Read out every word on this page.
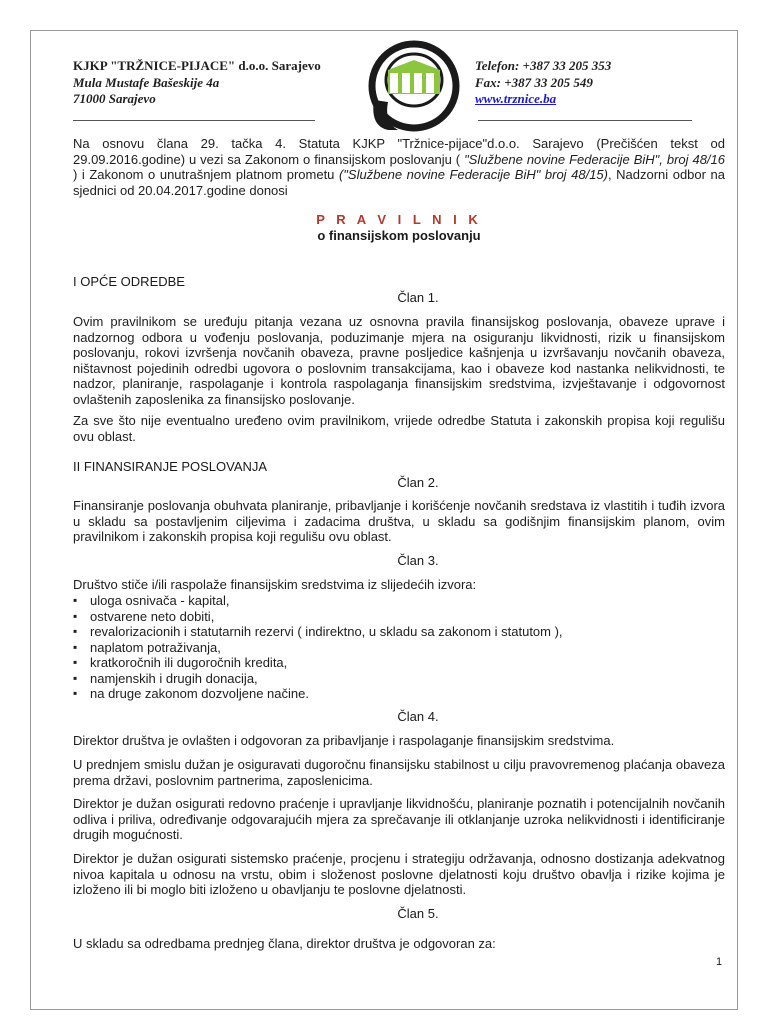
KJKP "TRŽNICE-PIJACE" d.o.o. Sarajevo
Mula Mustafe Bašeskije 4a
71000 Sarajevo
Telefon: +387 33 205 353
Fax: +387 33 205 549
www.trznice.ba
Na osnovu člana 29. tačka 4. Statuta KJKP "Tržnice-pijace"d.o.o. Sarajevo (Prečišćen tekst od 29.09.2016.godine) u vezi sa Zakonom o finansijskom poslovanju ( "Službene novine Federacije BiH", broj 48/16 ) i Zakonom o unutrašnjem platnom prometu ("Službene novine Federacije BiH" broj 48/15), Nadzorni odbor na sjednici od 20.04.2017.godine donosi
P R A V I L N I K
o finansijskom poslovanju
I OPĆE ODREDBE
Član 1.
Ovim pravilnikom se uređuju pitanja vezana uz osnovna pravila finansijskog poslovanja, obaveze uprave i nadzornog odbora u vođenju poslovanja, poduzimanje mjera na osiguranju likvidnosti, rizik u finansijskom poslovanju, rokovi izvršenja novčanih obaveza, pravne posljedice kašnjenja u izvršavanju novčanih obaveza, ništavnost pojedinih odredbi ugovora o poslovnim transakcijama, kao i obaveze kod nastanka nelikvidnosti, te nadzor, planiranje, raspolaganje i kontrola raspolaganja finansijskim sredstvima, izvještavanje i odgovornost ovlaštenih zaposlenika za finansijsko poslovanje.
Za sve što nije eventualno uređeno ovim pravilnikom, vrijede odredbe Statuta i zakonskih propisa koji regulišu ovu oblast.
II FINANSIRANJE POSLOVANJA
Član 2.
Finansiranje poslovanja obuhvata planiranje, pribavljanje i korišćenje novčanih sredstava iz vlastitih i tuđih izvora u skladu sa postavljenim ciljevima i zadacima društva, u skladu sa godišnjim finansijskim planom, ovim pravilnikom i zakonskih propisa koji regulišu ovu oblast.
Član 3.
Društvo stiče i/ili raspolaže finansijskim sredstvima iz slijedećih izvora:
▪ uloga osnivača - kapital,
▪ ostvarene neto dobiti,
▪ revalorizacionih i statutarnih rezervi ( indirektno, u skladu sa zakonom i statutom ),
▪ naplatom potraživanja,
▪ kratkoročnih ili dugoročnih kredita,
▪ namjenskih i drugih donacija,
▪ na druge zakonom dozvoljene načine.
Član 4.
Direktor društva je ovlašten i odgovoran za pribavljanje i raspolaganje finansijskim sredstvima.
U prednjem smislu dužan je osiguravati dugoročnu finansijsku stabilnost u cilju pravovremenog plaćanja obaveza prema državi, poslovnim partnerima, zaposlenicima.
Direktor je dužan osigurati redovno praćenje i upravljanje likvidnošću, planiranje poznatih i potencijalnih novčanih odliva i priliva, određivanje odgovarajućih mjera za sprečavanje ili otklanjanje uzroka nelikvidnosti i identificiranje drugih mogućnosti.
Direktor je dužan osigurati sistemsko praćenje, procjenu i strategiju održavanja, odnosno dostizanja adekvatnog nivoa kapitala u odnosu na vrstu, obim i složenost poslovne djelatnosti koju društvo obavlja i rizike kojima je izloženo ili bi moglo biti izloženo u obavljanju te poslovne djelatnosti.
Član 5.
U skladu sa odredbama prednjeg člana, direktor društva je odgovoran za:
1
